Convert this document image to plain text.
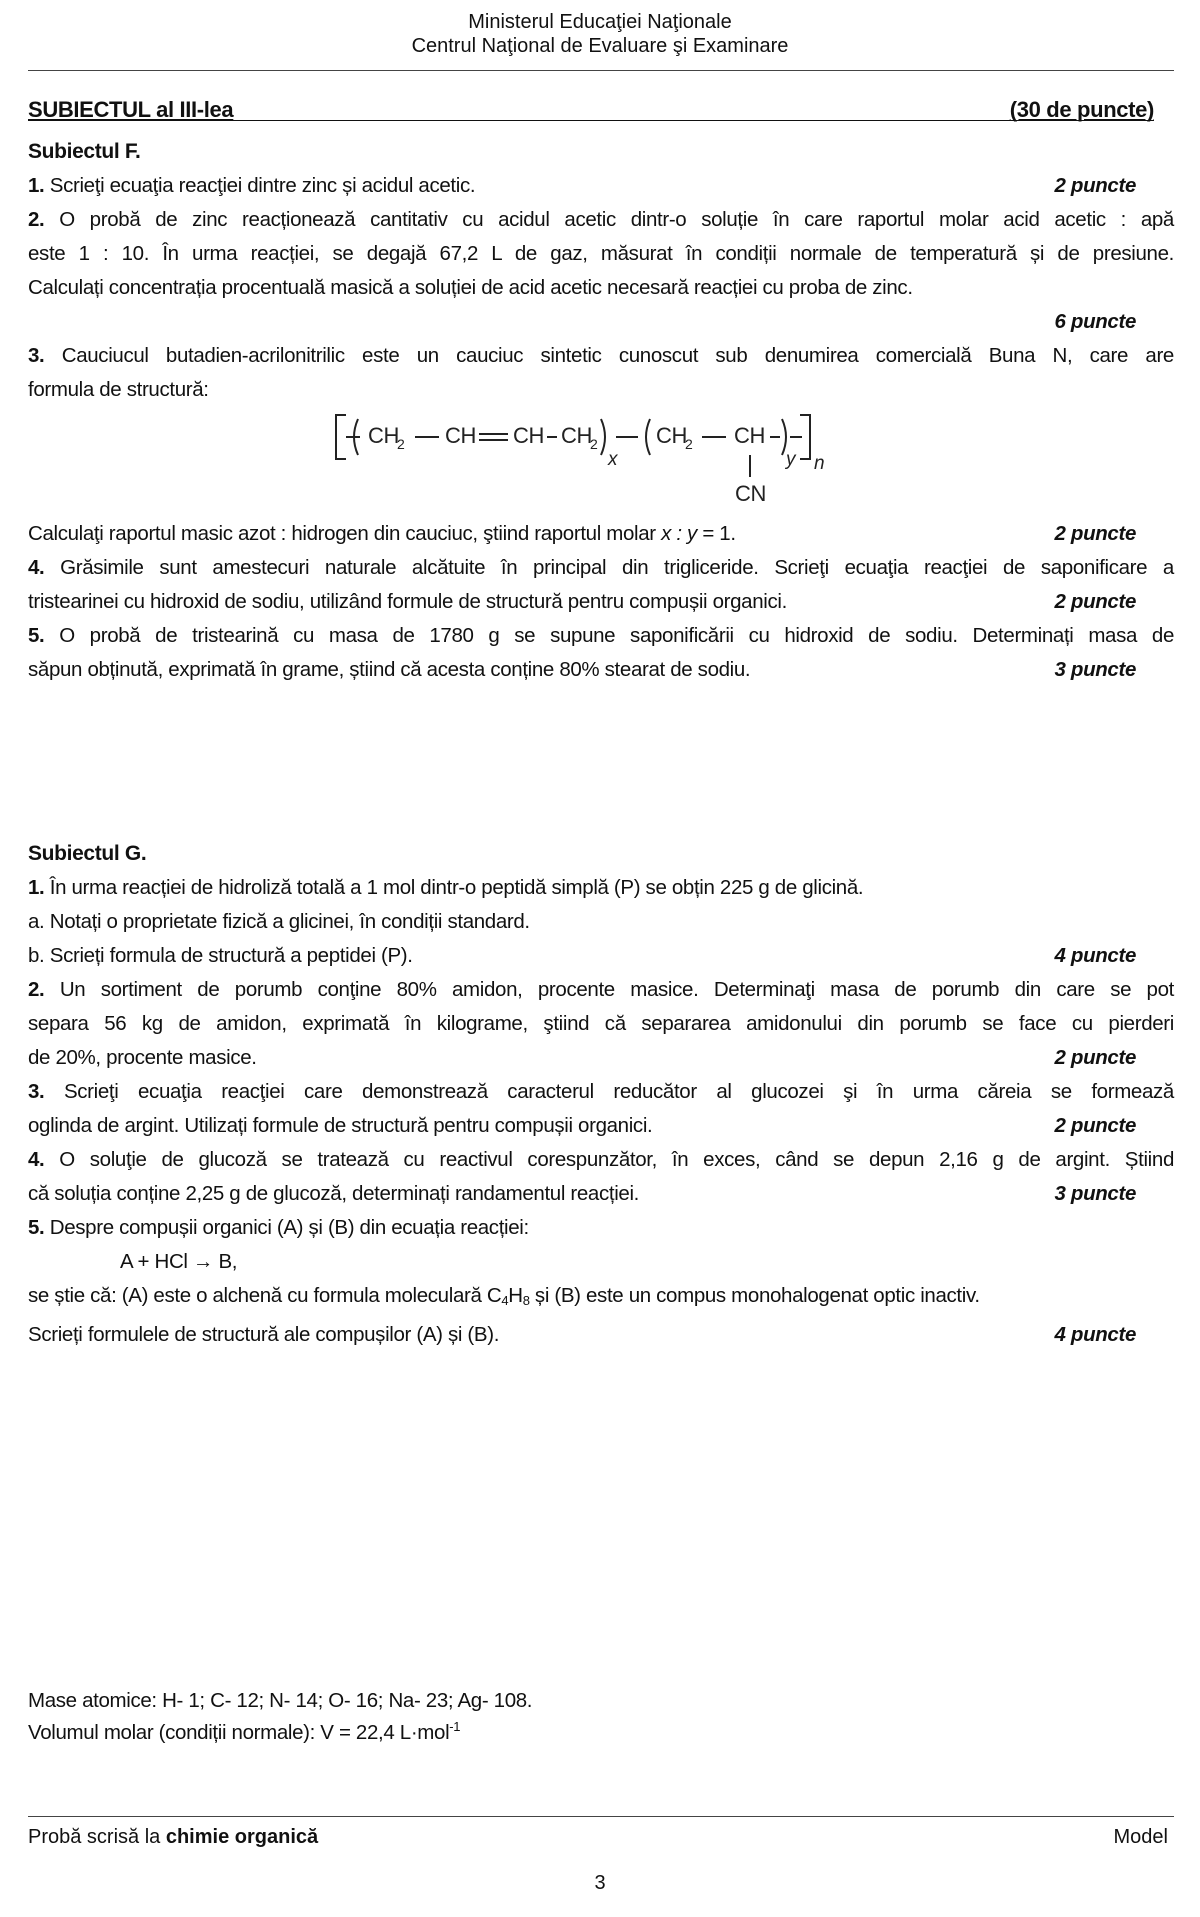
Ministerul Educaţiei Naţionale
Centrul Naţional de Evaluare şi Examinare
SUBIECTUL al III-lea	(30 de puncte)
Subiectul F.
1. Scrieţi ecuaţia reacţiei dintre zinc și acidul acetic.	2 puncte
2. O probă de zinc reacționează cantitativ cu acidul acetic dintr-o soluție în care raportul molar acid acetic : apă
este 1 : 10. În urma reacției, se degajă 67,2 L de gaz, măsurat în condiții normale de temperatură și de presiune.
Calculați concentrația procentuală masică a soluției de acid acetic necesară reacției cu proba de zinc.
6 puncte
3. Cauciucul butadien-acrilonitrilic este un cauciuc sintetic cunoscut sub denumirea comercială Buna N, care are
formula de structură:
CH
2 CH CH CH
2
x
CH
2 CH
CN
y n
Calculaţi raportul masic azot : hidrogen din cauciuc, ştiind raportul molar x : y = 1.	2 puncte
4. Grăsimile sunt amestecuri naturale alcătuite în principal din trigliceride. Scrieţi ecuaţia reacţiei de saponificare a
tristearinei cu hidroxid de sodiu, utilizând formule de structură pentru compușii organici.	2 puncte
5. O probă de tristearină cu masa de 1780 g se supune saponificării cu hidroxid de sodiu. Determinați masa de
săpun obținută, exprimată în grame, știind că acesta conține 80% stearat de sodiu.	3 puncte
Subiectul G.
1. În urma reacției de hidroliză totală a 1 mol dintr-o peptidă simplă (P) se obțin 225 g de glicină.
a. Notați o proprietate fizică a glicinei, în condiții standard.
b. Scrieți formula de structură a peptidei (P).	4 puncte
2. Un sortiment de porumb conţine 80% amidon, procente masice. Determinaţi masa de porumb din care se pot
separa 56 kg de amidon, exprimată în kilograme, ştiind că separarea amidonului din porumb se face cu pierderi
de 20%, procente masice.	2 puncte
3. Scrieţi ecuaţia reacţiei care demonstrează caracterul reducător al glucozei şi în urma căreia se formează
oglinda de argint. Utilizați formule de structură pentru compușii organici.	2 puncte
4. O soluţie de glucoză se tratează cu reactivul corespunzător, în exces, când se depun 2,16 g de argint. Știind
că soluția conține 2,25 g de glucoză, determinați randamentul reacției.	3 puncte
5. Despre compușii organici (A) și (B) din ecuația reacției:
A + HCl → B,
se știe că: (A) este o alchenă cu formula moleculară $C_4H_8$ și (B) este un compus monohalogenat optic inactiv.
Scrieți formulele de structură ale compușilor (A) și (B).	4 puncte
Mase atomice: H- 1; C- 12; N- 14; O- 16; Na- 23; Ag- 108.
Volumul molar (condiții normale): V = 22,4 L·mol$^{-1}$
Probă scrisă la chimie organică	Model
3
